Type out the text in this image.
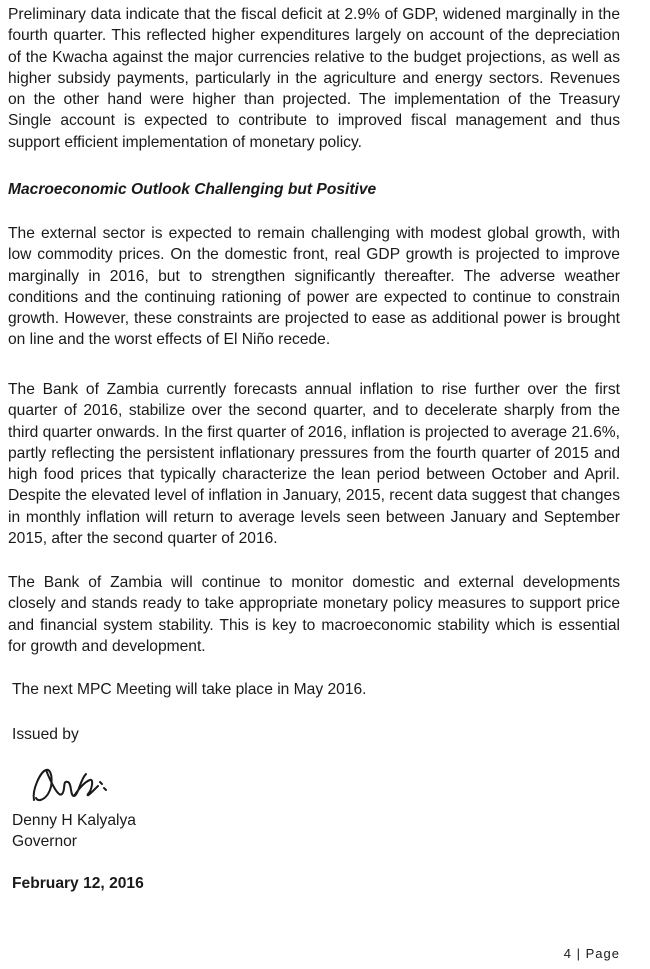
Preliminary data indicate that the fiscal deficit at 2.9% of GDP, widened marginally in the fourth quarter. This reflected higher expenditures largely on account of the depreciation of the Kwacha against the major currencies relative to the budget projections, as well as higher subsidy payments, particularly in the agriculture and energy sectors. Revenues on the other hand were higher than projected. The implementation of the Treasury Single account is expected to contribute to improved fiscal management and thus support efficient implementation of monetary policy.

Macroeconomic Outlook Challenging but Positive

The external sector is expected to remain challenging with modest global growth, with low commodity prices. On the domestic front, real GDP growth is projected to improve marginally in 2016, but to strengthen significantly thereafter. The adverse weather conditions and the continuing rationing of power are expected to continue to constrain growth. However, these constraints are projected to ease as additional power is brought on line and the worst effects of El Niño recede.

The Bank of Zambia currently forecasts annual inflation to rise further over the first quarter of 2016, stabilize over the second quarter, and to decelerate sharply from the third quarter onwards. In the first quarter of 2016, inflation is projected to average 21.6%, partly reflecting the persistent inflationary pressures from the fourth quarter of 2015 and high food prices that typically characterize the lean period between October and April. Despite the elevated level of inflation in January, 2015, recent data suggest that changes in monthly inflation will return to average levels seen between January and September 2015, after the second quarter of 2016.

The Bank of Zambia will continue to monitor domestic and external developments closely and stands ready to take appropriate monetary policy measures to support price and financial system stability. This is key to macroeconomic stability which is essential for growth and development.

The next MPC Meeting will take place in May 2016.

Issued by

Denny H Kalyalya

Governor

February 12, 2016

4 | Page
